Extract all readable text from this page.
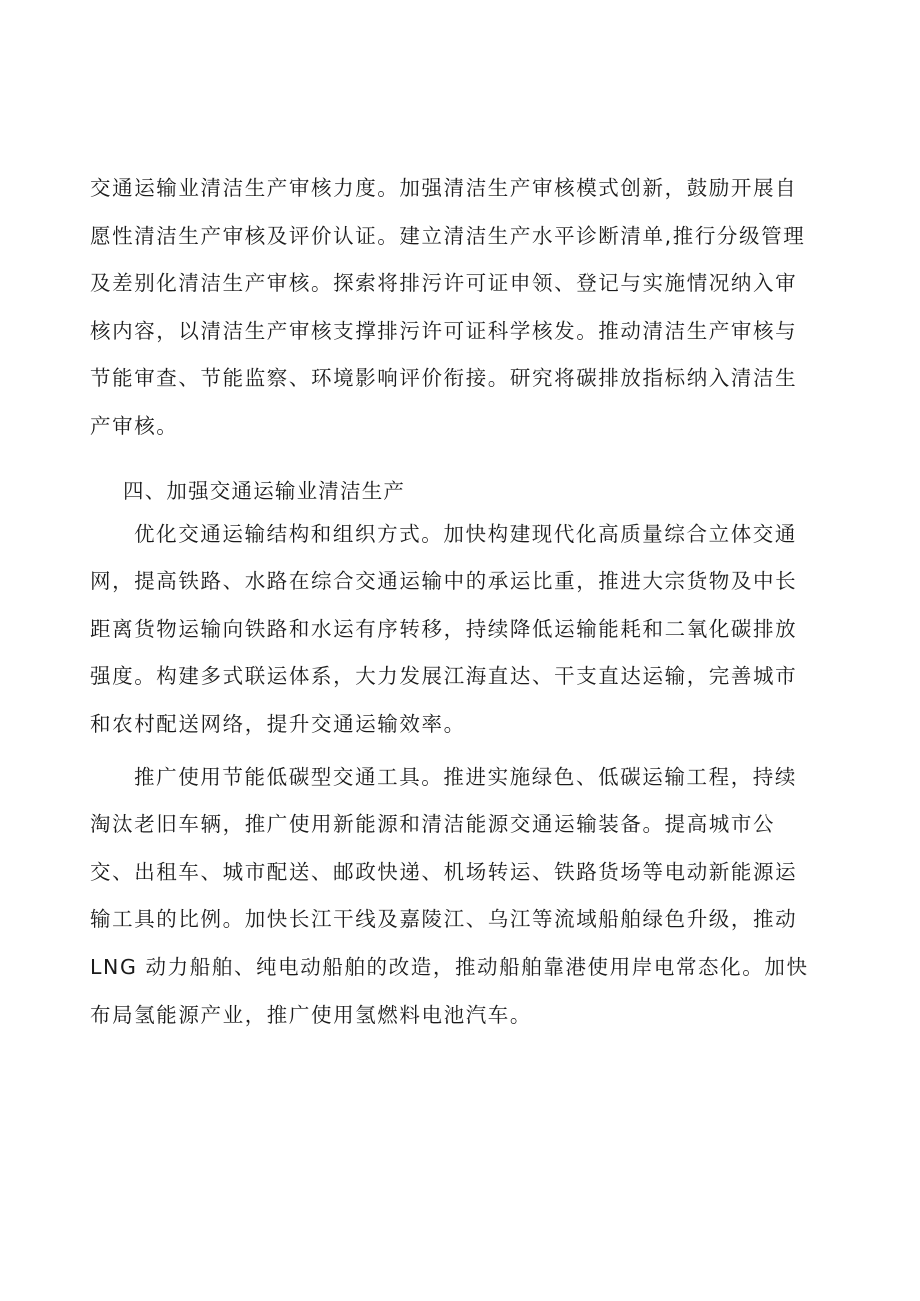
交通运输业清洁生产审核力度。加强清洁生产审核模式创新，鼓励开展自
愿性清洁生产审核及评价认证。建立清洁生产水平诊断清单,推行分级管理
及差别化清洁生产审核。探索将排污许可证申领、登记与实施情况纳入审
核内容，以清洁生产审核支撑排污许可证科学核发。推动清洁生产审核与
节能审查、节能监察、环境影响评价衔接。研究将碳排放指标纳入清洁生
产审核。
四、加强交通运输业清洁生产
优化交通运输结构和组织方式。加快构建现代化高质量综合立体交通
网，提高铁路、水路在综合交通运输中的承运比重，推进大宗货物及中长
距离货物运输向铁路和水运有序转移，持续降低运输能耗和二氧化碳排放
强度。构建多式联运体系，大力发展江海直达、干支直达运输，完善城市
和农村配送网络，提升交通运输效率。
推广使用节能低碳型交通工具。推进实施绿色、低碳运输工程，持续
淘汰老旧车辆，推广使用新能源和清洁能源交通运输装备。提高城市公
交、出租车、城市配送、邮政快递、机场转运、铁路货场等电动新能源运
输工具的比例。加快长江干线及嘉陵江、乌江等流域船舶绿色升级，推动
LNG 动力船舶、纯电动船舶的改造，推动船舶靠港使用岸电常态化。加快
布局氢能源产业，推广使用氢燃料电池汽车。
